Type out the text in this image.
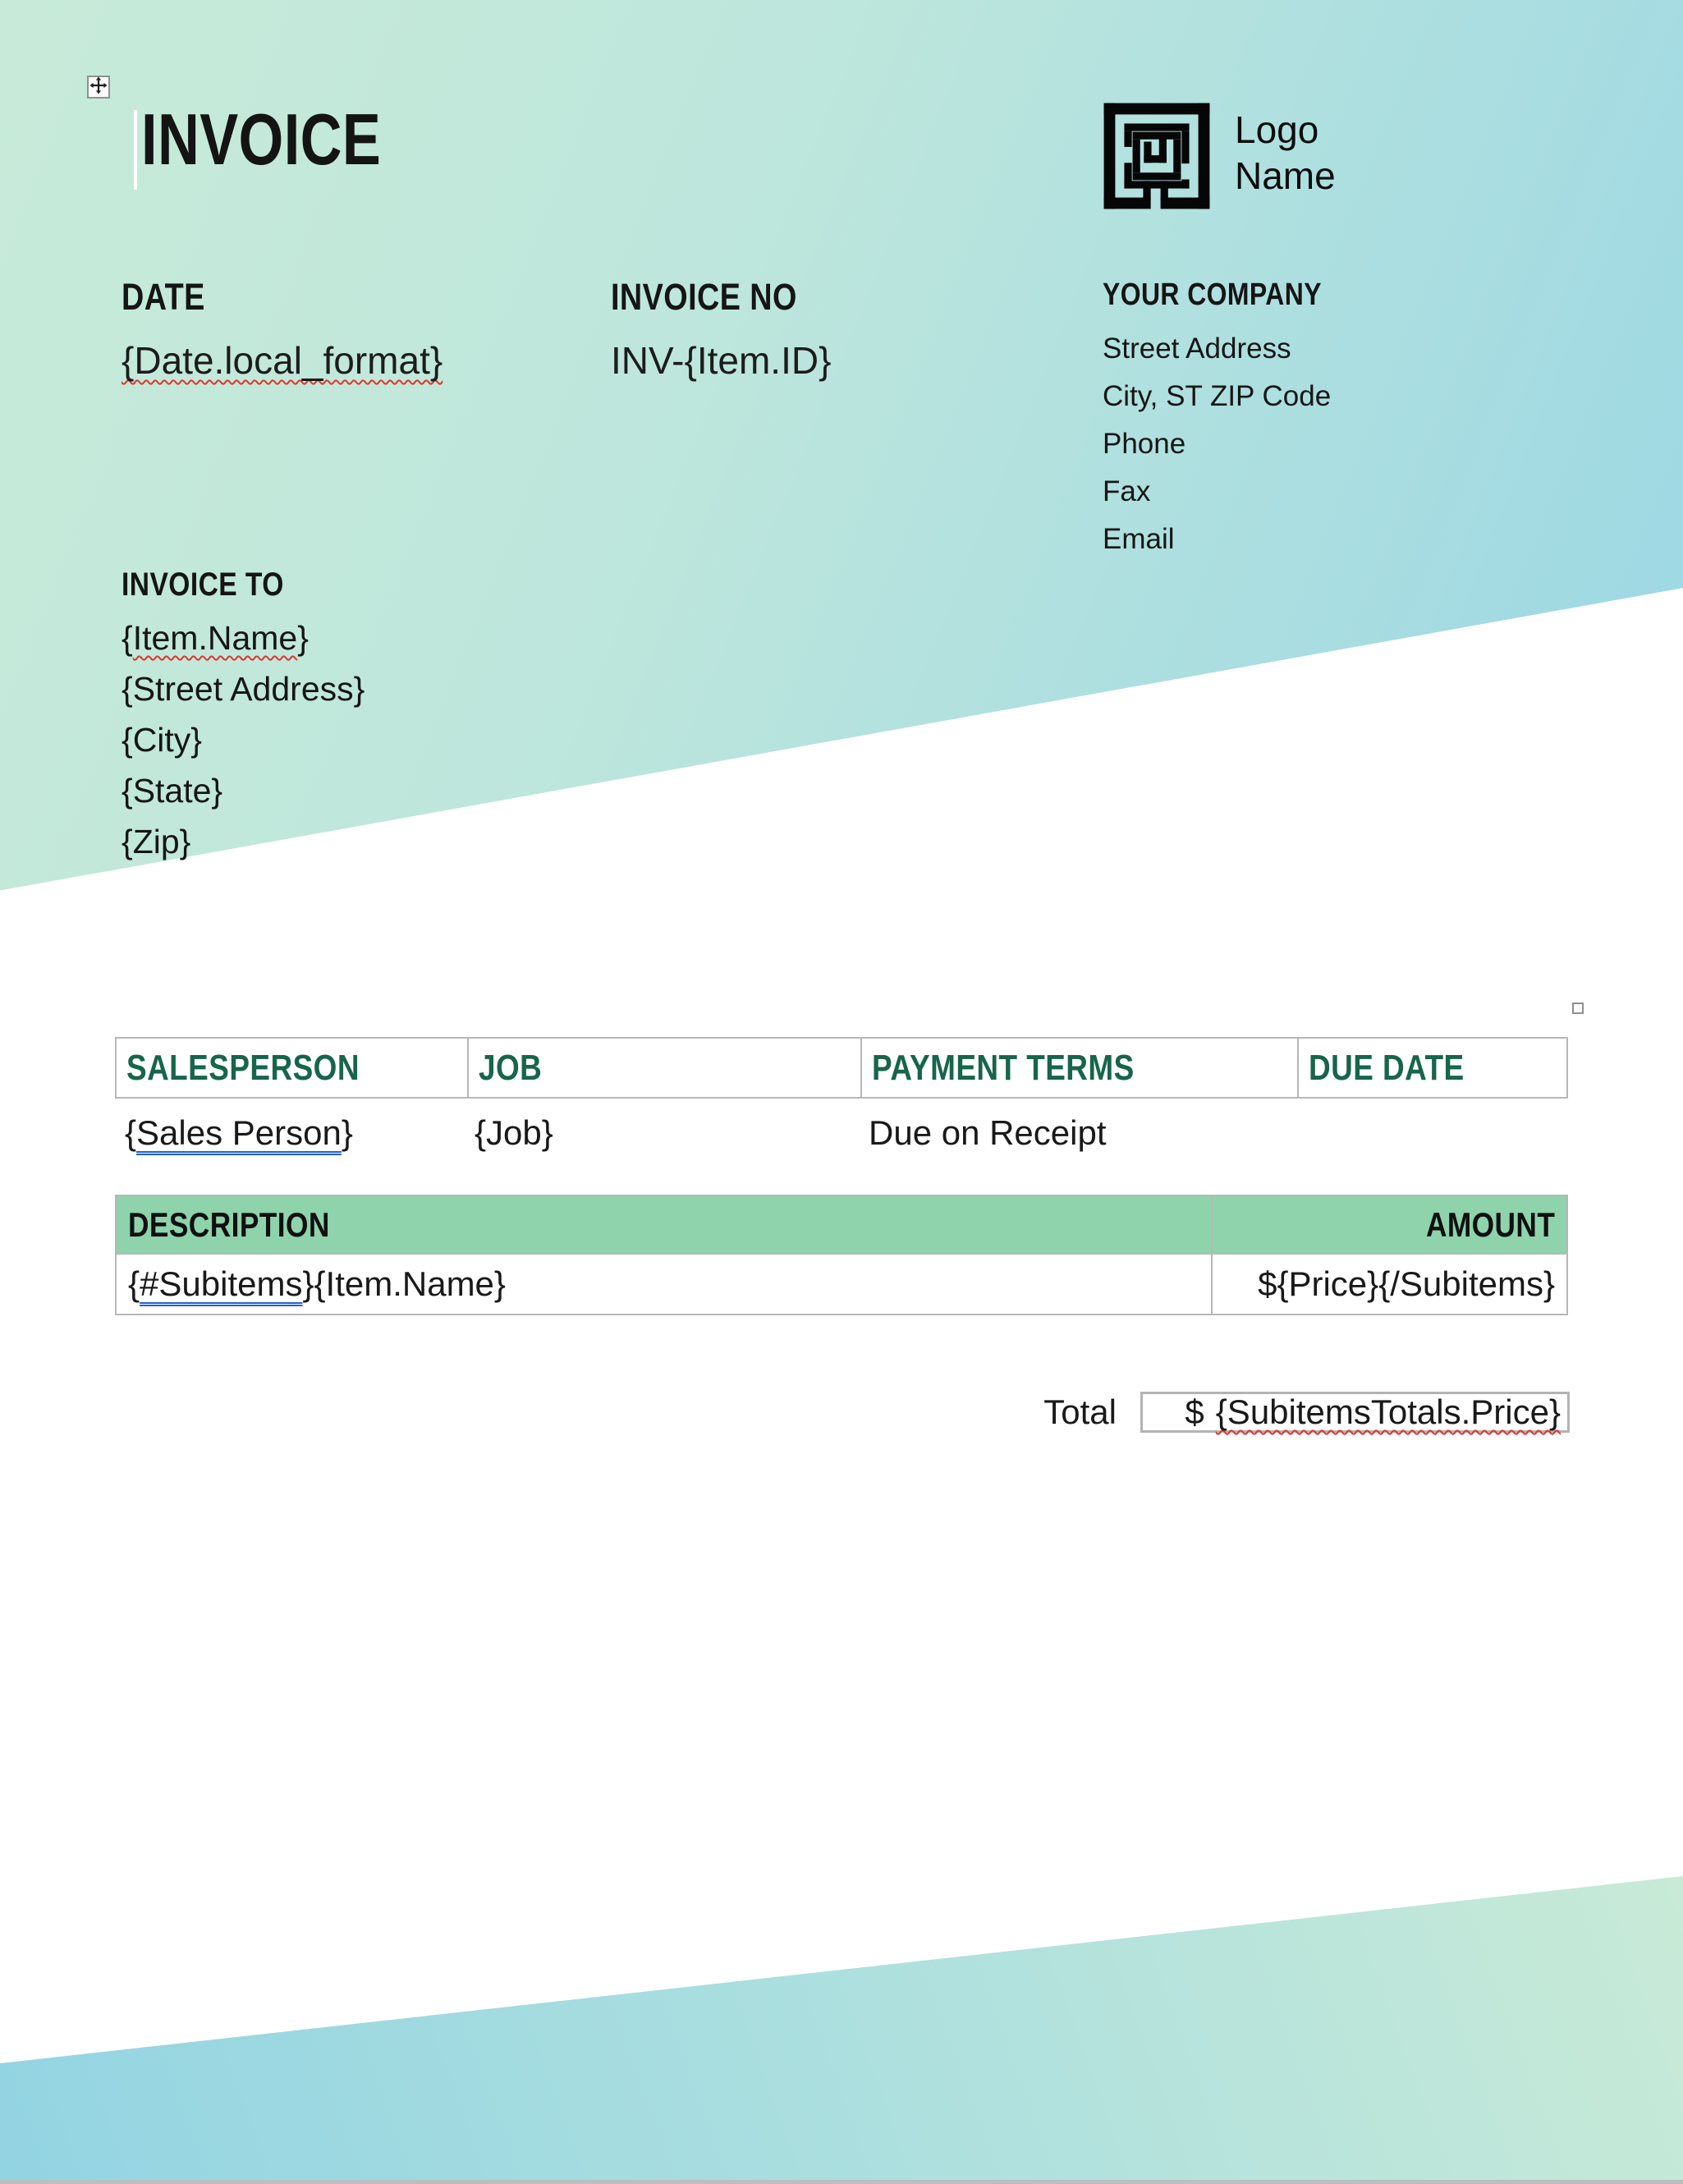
INVOICE	Logo
Name
DATE
{Date.local_format}
INVOICE NO
INV-{Item.ID}
YOUR COMPANY
Street Address
City, ST ZIP Code
Phone
Fax
Email
INVOICE TO
{Item.Name}
{Street Address}
{City}
{State}
{Zip}
SALESPERSON	JOB	PAYMENT TERMS	DUE DATE
{Sales Person}	{Job}	Due on Receipt
DESCRIPTION	AMOUNT
{ #Subitems } {Item.Name}	${Price}{/Subitems}
Total $ {SubitemsTotals.Price}
